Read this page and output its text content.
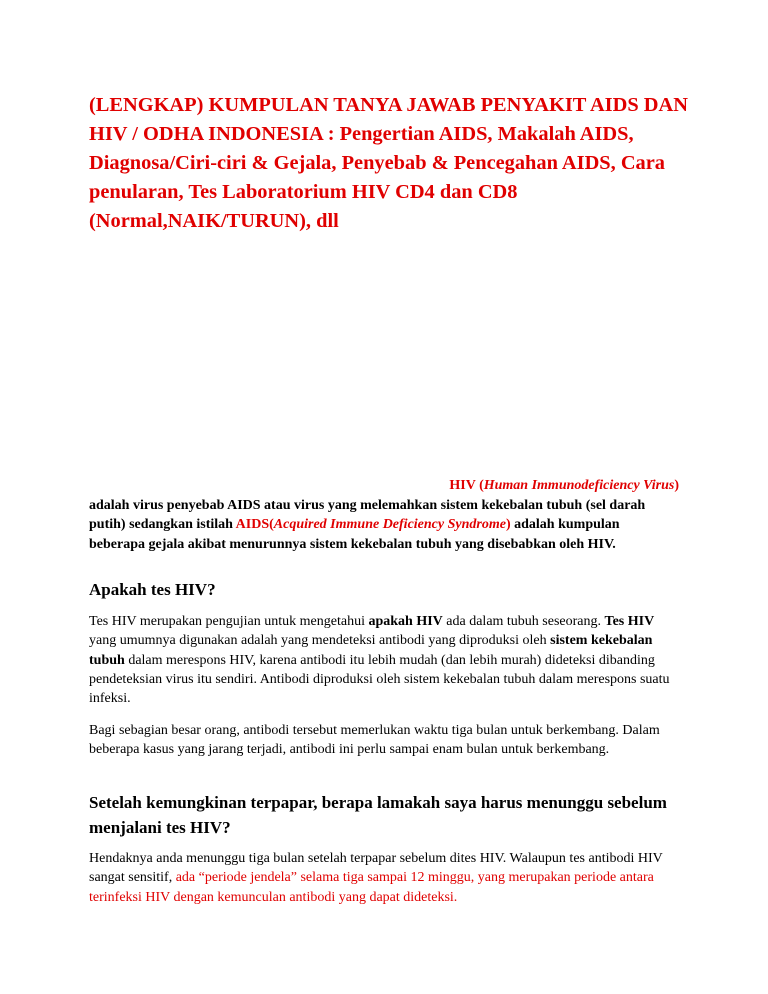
(LENGKAP) KUMPULAN TANYA JAWAB PENYAKIT AIDS DAN HIV / ODHA INDONESIA : Pengertian AIDS, Makalah AIDS, Diagnosa/Ciri-ciri & Gejala, Penyebab & Pencegahan AIDS, Cara penularan, Tes Laboratorium HIV CD4 dan CD8 (Normal,NAIK/TURUN), dll
HIV (Human Immunodeficiency Virus)
adalah virus penyebab AIDS atau virus yang melemahkan sistem kekebalan tubuh (sel darah putih) sedangkan istilah AIDS(Acquired Immune Deficiency Syndrome) adalah kumpulan beberapa gejala akibat menurunnya sistem kekebalan tubuh yang disebabkan oleh HIV.
Apakah tes HIV?

Tes HIV merupakan pengujian untuk mengetahui apakah HIV ada dalam tubuh seseorang. Tes HIV yang umumnya digunakan adalah yang mendeteksi antibodi yang diproduksi oleh sistem kekebalan tubuh dalam merespons HIV, karena antibodi itu lebih mudah (dan lebih murah) dideteksi dibanding pendeteksian virus itu sendiri. Antibodi diproduksi oleh sistem kekebalan tubuh dalam merespons suatu infeksi.

Bagi sebagian besar orang, antibodi tersebut memerlukan waktu tiga bulan untuk berkembang. Dalam beberapa kasus yang jarang terjadi, antibodi ini perlu sampai enam bulan untuk berkembang.

Setelah kemungkinan terpapar, berapa lamakah saya harus menunggu sebelum menjalani tes HIV?

Hendaknya anda menunggu tiga bulan setelah terpapar sebelum dites HIV. Walaupun tes antibodi HIV sangat sensitif, ada “periode jendela” selama tiga sampai 12 minggu, yang merupakan periode antara terinfeksi HIV dengan kemunculan antibodi yang dapat dideteksi.
